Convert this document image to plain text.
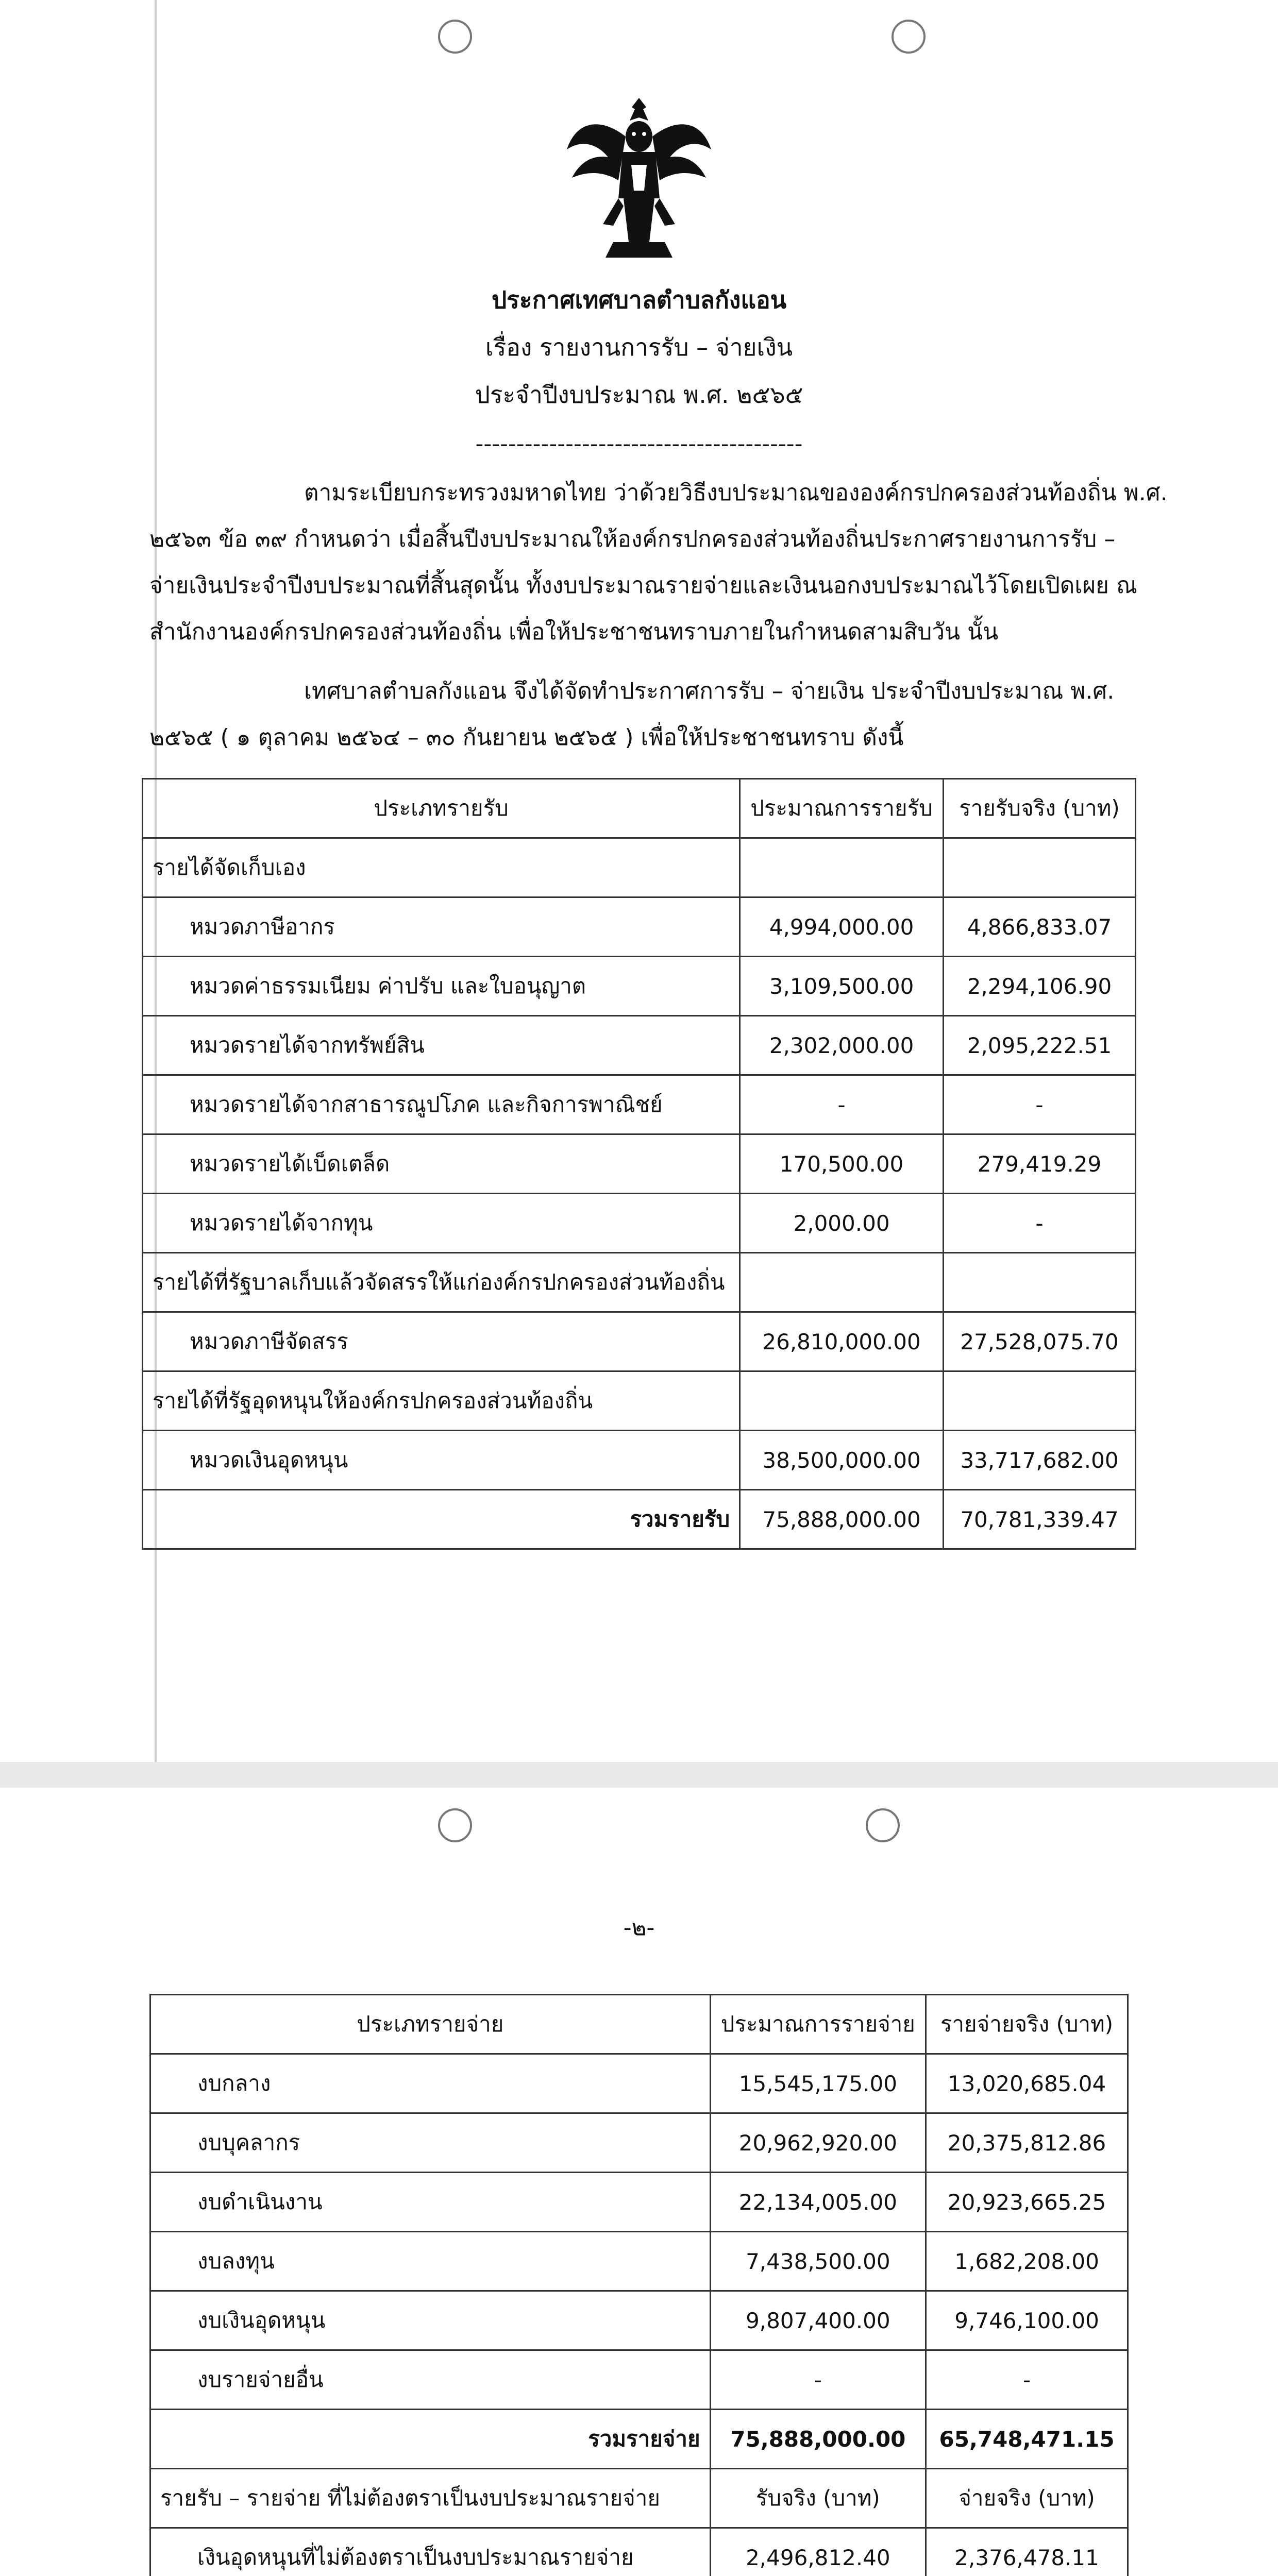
ประกาศเทศบาลตำบลกังแอน
เรื่อง รายงานการรับ – จ่ายเงิน
ประจำปีงบประมาณ พ.ศ. ๒๕๖๕
----------------------------------------
ตามระเบียบกระทรวงมหาดไทย ว่าด้วยวิธีงบประมาณขององค์กรปกครองส่วนท้องถิ่น พ.ศ.
๒๕๖๓ ข้อ ๓๙ กำหนดว่า เมื่อสิ้นปีงบประมาณให้องค์กรปกครองส่วนท้องถิ่นประกาศรายงานการรับ –
จ่ายเงินประจำปีงบประมาณที่สิ้นสุดนั้น ทั้งงบประมาณรายจ่ายและเงินนอกงบประมาณไว้โดยเปิดเผย ณ
สำนักงานองค์กรปกครองส่วนท้องถิ่น เพื่อให้ประชาชนทราบภายในกำหนดสามสิบวัน นั้น
เทศบาลตำบลกังแอน จึงได้จัดทำประกาศการรับ – จ่ายเงิน ประจำปีงบประมาณ พ.ศ.
๒๕๖๕ ( ๑ ตุลาคม ๒๕๖๔ – ๓๐ กันยายน ๒๕๖๕ ) เพื่อให้ประชาชนทราบ ดังนี้
ประเภทรายรับ	ประมาณการรายรับ	รายรับจริง (บาท)
รายได้จัดเก็บเอง		
หมวดภาษีอากร	4,994,000.00	4,866,833.07
หมวดค่าธรรมเนียม ค่าปรับ และใบอนุญาต	3,109,500.00	2,294,106.90
หมวดรายได้จากทรัพย์สิน	2,302,000.00	2,095,222.51
หมวดรายได้จากสาธารณูปโภค และกิจการพาณิชย์	-	-
หมวดรายได้เบ็ดเตล็ด	170,500.00	279,419.29
หมวดรายได้จากทุน	2,000.00	-
รายได้ที่รัฐบาลเก็บแล้วจัดสรรให้แก่องค์กรปกครองส่วนท้องถิ่น		
หมวดภาษีจัดสรร	26,810,000.00	27,528,075.70
รายได้ที่รัฐอุดหนุนให้องค์กรปกครองส่วนท้องถิ่น		
หมวดเงินอุดหนุน	38,500,000.00	33,717,682.00
รวมรายรับ	75,888,000.00	70,781,339.47
-๒-
ประเภทรายจ่าย	ประมาณการรายจ่าย	รายจ่ายจริง (บาท)
งบกลาง	15,545,175.00	13,020,685.04
งบบุคลากร	20,962,920.00	20,375,812.86
งบดำเนินงาน	22,134,005.00	20,923,665.25
งบลงทุน	7,438,500.00	1,682,208.00
งบเงินอุดหนุน	9,807,400.00	9,746,100.00
งบรายจ่ายอื่น	-	-
รวมรายจ่าย	75,888,000.00	65,748,471.15
รายรับ – รายจ่าย ที่ไม่ต้องตราเป็นงบประมาณรายจ่าย	รับจริง (บาท)	จ่ายจริง (บาท)
เงินอุดหนุนที่ไม่ต้องตราเป็นงบประมาณรายจ่าย	2,496,812.40	2,376,478.11
